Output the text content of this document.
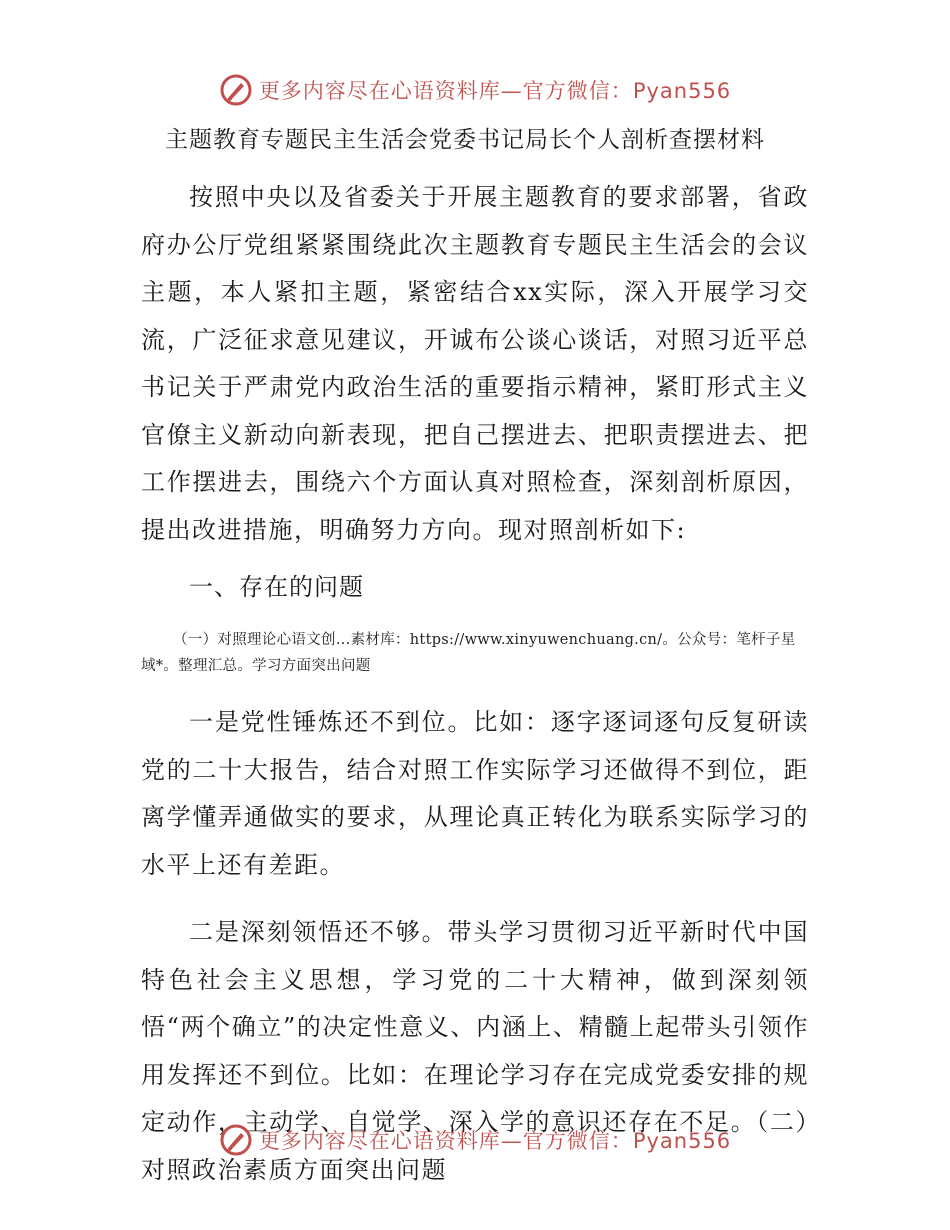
更多内容尽在心语资料库—官方微信：Pyan556
主题教育专题民主生活会党委书记局长个人剖析查摆材料

按照中央以及省委关于开展主题教育的要求部署，省政府办公厅党组紧紧围绕此次主题教育专题民主生活会的会议主题，本人紧扣主题，紧密结合xx实际，深入开展学习交流，广泛征求意见建议，开诚布公谈心谈话，对照习近平总书记关于严肃党内政治生活的重要指示精神，紧盯形式主义官僚主义新动向新表现，把自己摆进去、把职责摆进去、把工作摆进去，围绕六个方面认真对照检查，深刻剖析原因，提出改进措施，明确努力方向。现对照剖析如下:

一、存在的问题

（一）对照理论心语文创…素材库：https://www.xinyuwenchuang.cn/。公众号：笔杆子星域*。整理汇总。学习方面突出问题

一是党性锤炼还不到位。比如：逐字逐词逐句反复研读党的二十大报告，结合对照工作实际学习还做得不到位，距离学懂弄通做实的要求，从理论真正转化为联系实际学习的水平上还有差距。

二是深刻领悟还不够。带头学习贯彻习近平新时代中国特色社会主义思想，学习党的二十大精神，做到深刻领悟“两个确立”的决定性意义、内涵上、精髓上起带头引领作用发挥还不到位。比如：在理论学习存在完成党委安排的规定动作，主动学、自觉学、深入学的意识还存在不足。（二）对照政治素质方面突出问题

更多内容尽在心语资料库—官方微信：Pyan556
